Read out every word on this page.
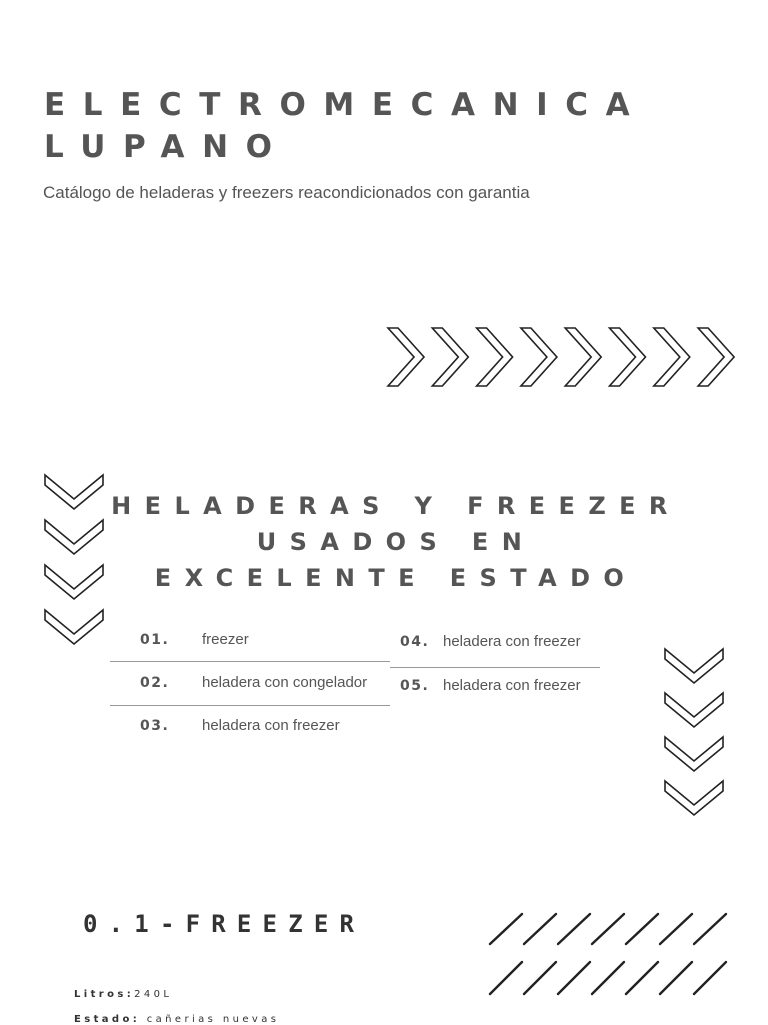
ELECTROMECANICA
LUPANO
Catálogo de heladeras y freezers reacondicionados con garantia
HELADERAS Y FREEZER
USADOS EN
EXCELENTE ESTADO
01. freezer
02. heladera con congelador
03. heladera con freezer
04. heladera con freezer
05. heladera con freezer
0.1-FREEZER
Litros:240L
Estado: cañerias nuevas
